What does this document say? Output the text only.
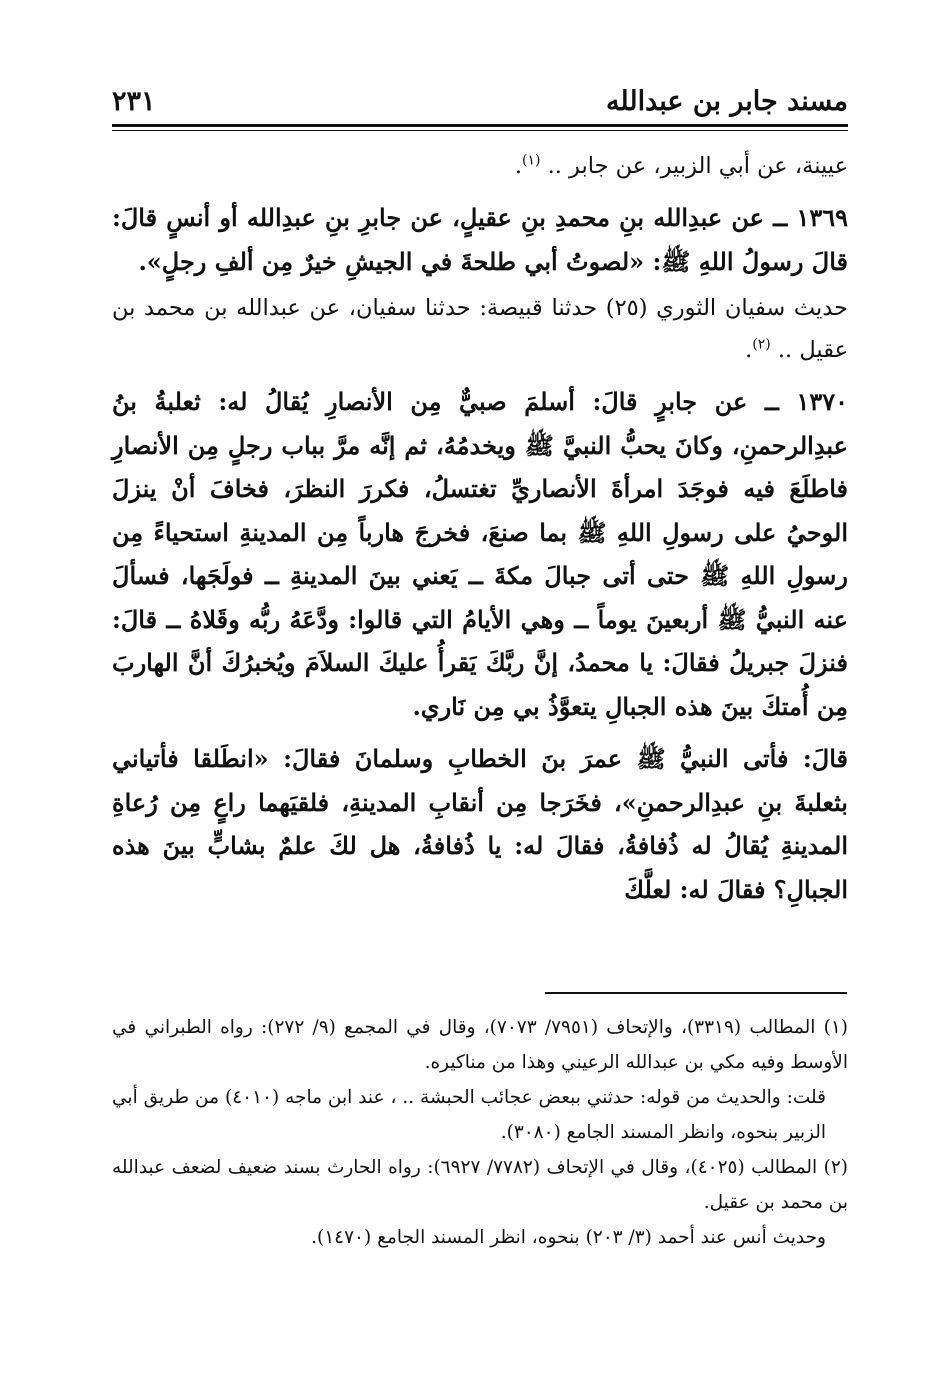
مسند جابر بن عبدالله
٢٣١

عيينة، عن أبي الزبير، عن جابر .. $^{(١)}$.

١٣٦٩ ــ عن عبدِالله بنِ محمدِ بنِ عقيلٍ، عن جابرِ بنِ عبدِالله أو أنسٍ قالَ: قالَ رسولُ اللهِ ﷺ: «لصوتُ أبي طلحةَ في الجيشِ خيرٌ مِن ألفِ رجلٍ».

حديث سفيان الثوري (٢٥) حدثنا قبيصة: حدثنا سفيان، عن عبدالله بن محمد بن عقيل .. $^{(٢)}$.

١٣٧٠ ــ عن جابرٍ قالَ: أسلمَ صبيٌّ مِن الأنصارِ يُقالُ له: ثعلبةُ بنُ عبدِالرحمنِ، وكانَ يحبُّ النبيَّ ﷺ ويخدمُهُ، ثم إنَّه مرَّ بباب رجلٍ مِن الأنصارِ فاطلَعَ فيه فوجَدَ امرأةَ الأنصاريِّ تغتسلُ، فكررَ النظرَ، فخافَ أنْ ينزلَ الوحيُ على رسولِ اللهِ ﷺ بما صنعَ، فخرجَ هارباً مِن المدينةِ استحياءً مِن رسولِ اللهِ ﷺ حتى أتى جبالَ مكةَ ــ يَعني بينَ المدينةِ ــ فولَجَها، فسألَ عنه النبيُّ ﷺ أربعينَ يوماً ــ وهي الأيامُ التي قالوا: ودَّعَهُ ربُّه وقَلاهُ ــ قالَ: فنزلَ جبريلُ فقالَ: يا محمدُ، إنَّ ربَّكَ يَقرأُ عليكَ السلاَمَ ويُخبرُكَ أنَّ الهاربَ مِن أُمتكَ بينَ هذه الجبالِ يتعوَّذُ بي مِن نَاري.

قالَ: فأتى النبيُّ ﷺ عمرَ بنَ الخطابِ وسلمانَ فقالَ: «انطَلقا فأتياني بثعلبةَ بنِ عبدِالرحمنِ»، فخَرَجا مِن أنقابِ المدينةِ، فلقيَهما راعٍ مِن رُعاةِ المدينةِ يُقالُ له ذُفافةُ، فقالَ له: يا ذُفافةُ، هل لكَ علمٌ بشابٍّ بينَ هذه الجبالِ؟ فقالَ له: لعلَّكَ

(١) المطالب (٣٣١٩)، والإتحاف (٧٩٥١/ ٧٠٧٣)، وقال في المجمع (٩/ ٢٧٢): رواه الطبراني في الأوسط وفيه مكي بن عبدالله الرعيني وهذا من مناكيره.

قلت: والحديث من قوله: حدثني ببعض عجائب الحبشة .. ، عند ابن ماجه (٤٠١٠) من طريق أبي الزبير بنحوه، وانظر المسند الجامع (٣٠٨٠).

(٢) المطالب (٤٠٢٥)، وقال في الإتحاف (٧٧٨٢/ ٦٩٢٧): رواه الحارث بسند ضعيف لضعف عبدالله بن محمد بن عقيل.

وحديث أنس عند أحمد (٣/ ٢٠٣) بنحوه، انظر المسند الجامع (١٤٧٠).
